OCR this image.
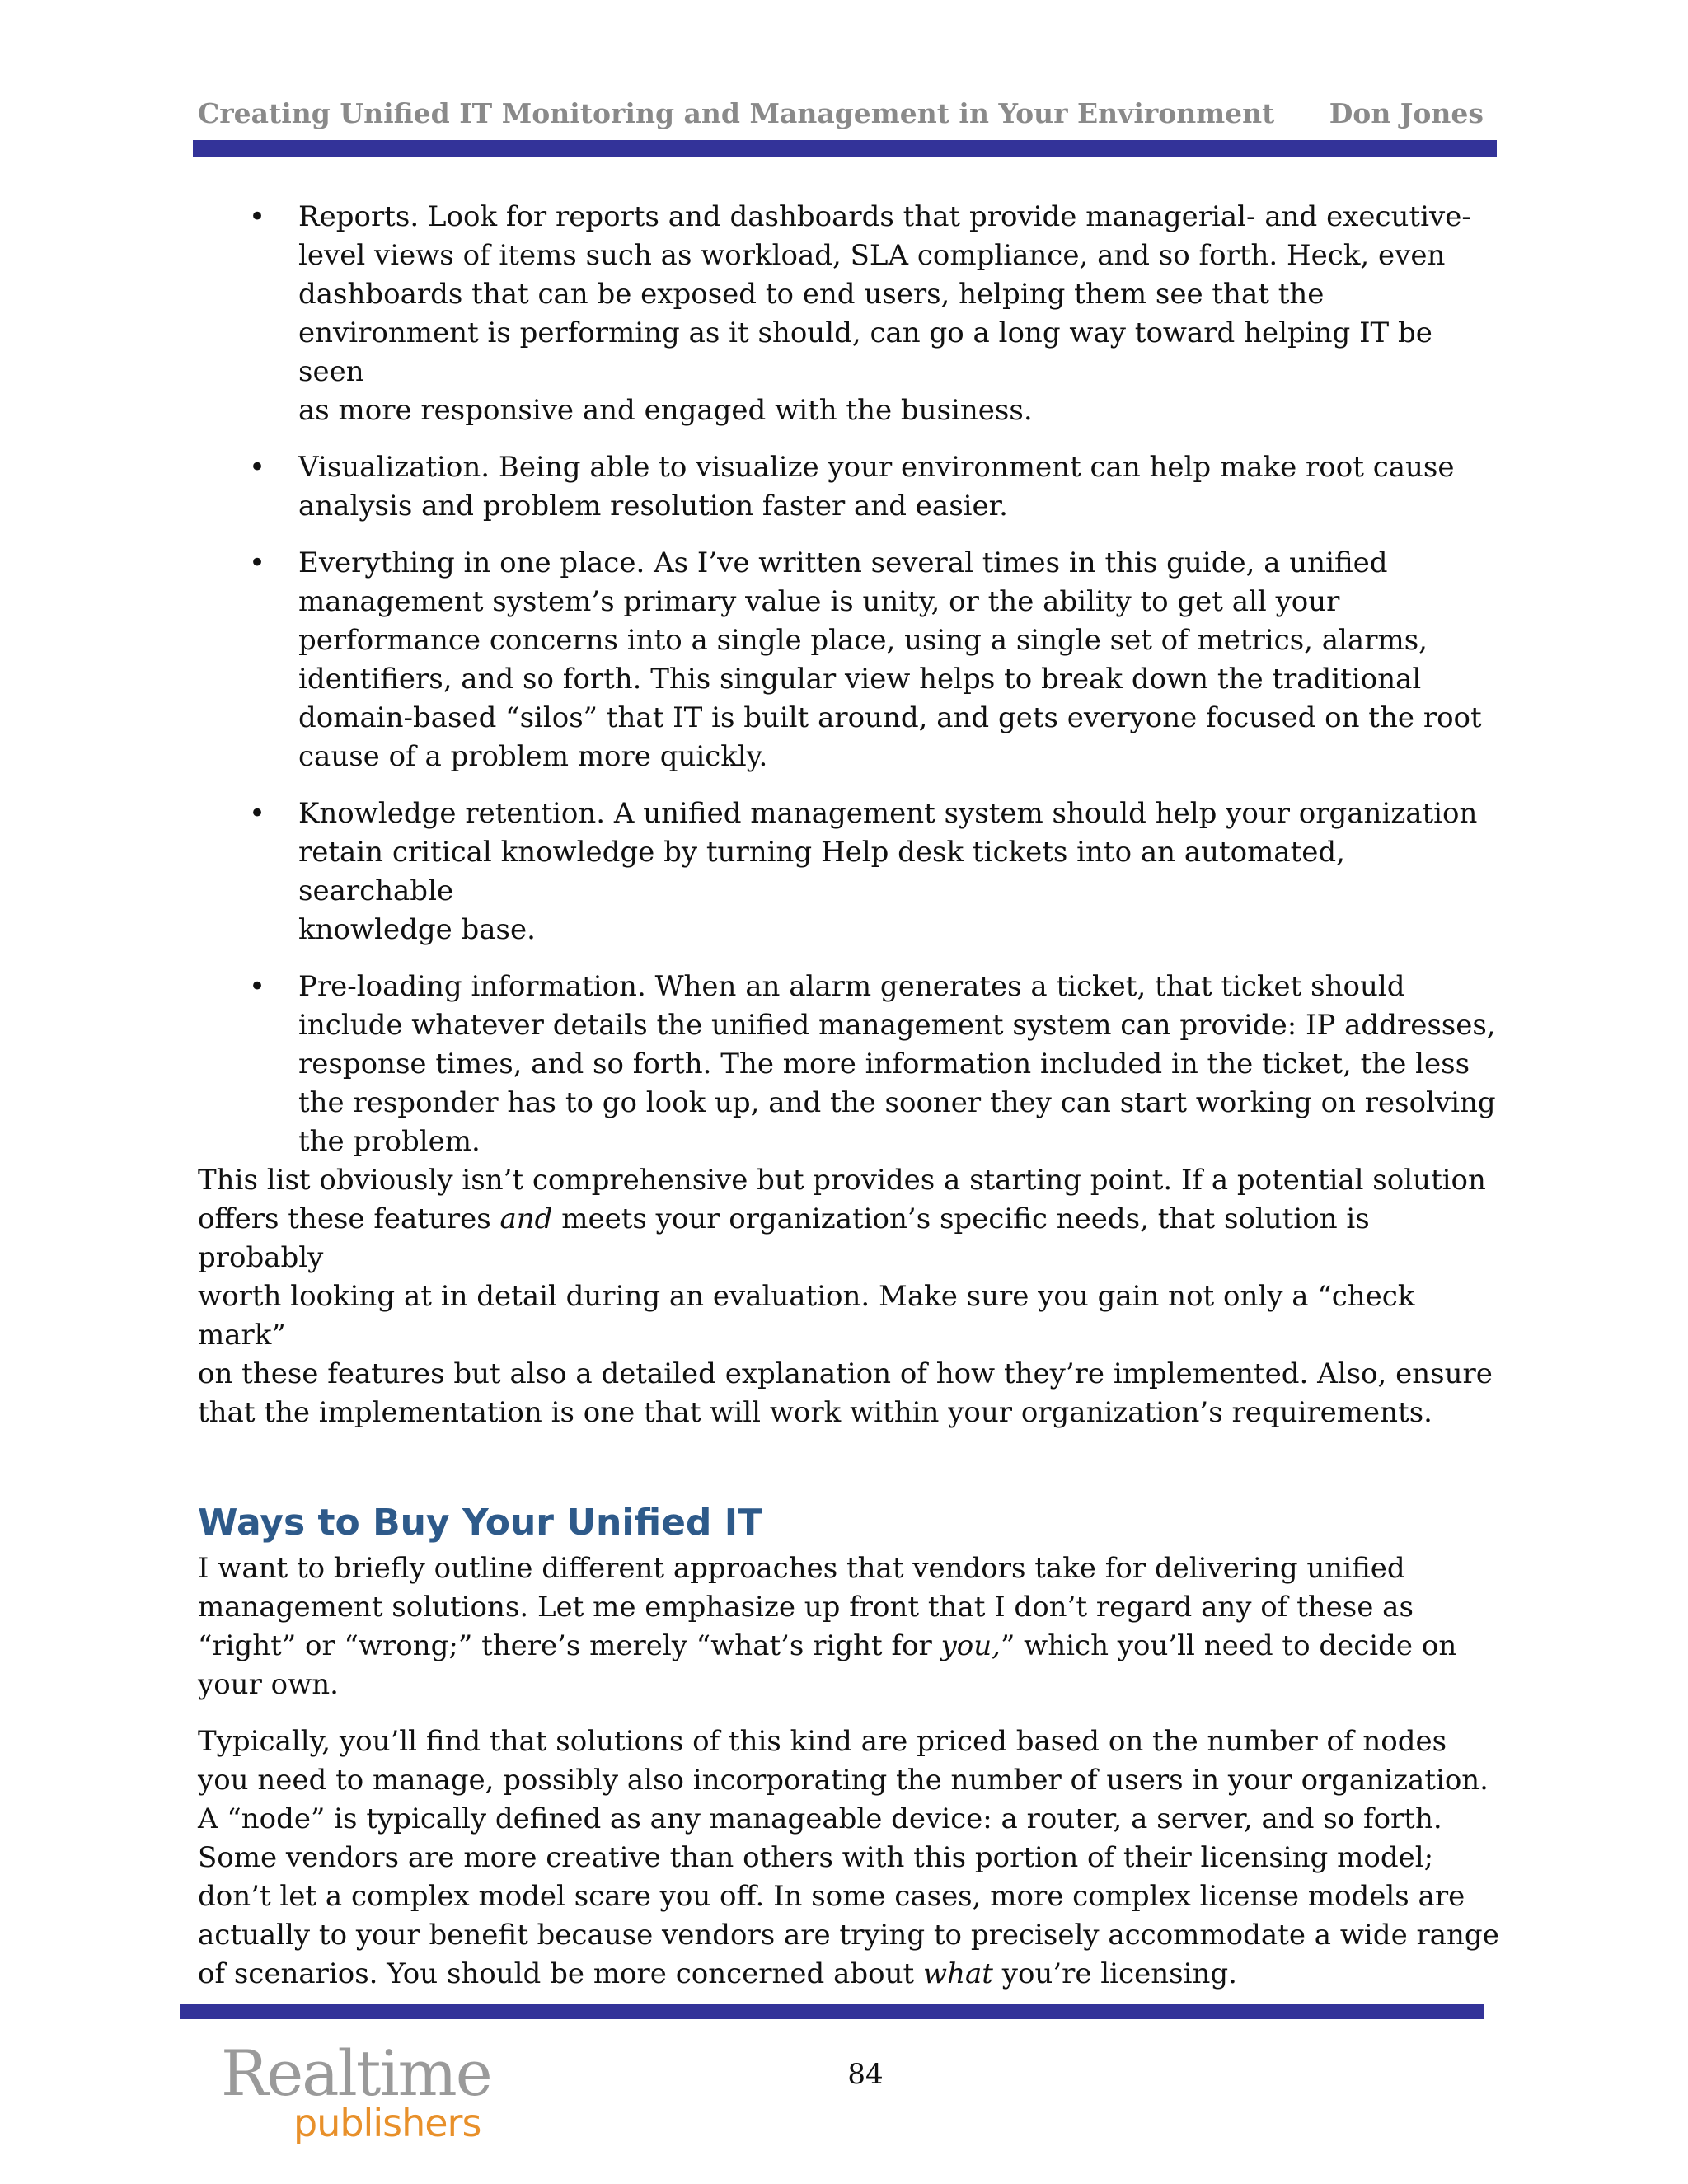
Creating Unified IT Monitoring and Management in Your Environment Don Jones
• Reports. Look for reports and dashboards that provide managerial- and executive-
level views of items such as workload, SLA compliance, and so forth. Heck, even
dashboards that can be exposed to end users, helping them see that the
environment is performing as it should, can go a long way toward helping IT be seen
as more responsive and engaged with the business.
• Visualization. Being able to visualize your environment can help make root cause
analysis and problem resolution faster and easier.
• Everything in one place. As I’ve written several times in this guide, a unified
management system’s primary value is unity, or the ability to get all your
performance concerns into a single place, using a single set of metrics, alarms,
identifiers, and so forth. This singular view helps to break down the traditional
domain-based “silos” that IT is built around, and gets everyone focused on the root
cause of a problem more quickly.
• Knowledge retention. A unified management system should help your organization
retain critical knowledge by turning Help desk tickets into an automated, searchable
knowledge base.
• Pre-loading information. When an alarm generates a ticket, that ticket should
include whatever details the unified management system can provide: IP addresses,
response times, and so forth. The more information included in the ticket, the less
the responder has to go look up, and the sooner they can start working on resolving
the problem.

This list obviously isn’t comprehensive but provides a starting point. If a potential solution
offers these features and meets your organization’s specific needs, that solution is probably
worth looking at in detail during an evaluation. Make sure you gain not only a “check mark”
on these features but also a detailed explanation of how they’re implemented. Also, ensure
that the implementation is one that will work within your organization’s requirements.

Ways to Buy Your Unified IT

I want to briefly outline different approaches that vendors take for delivering unified
management solutions. Let me emphasize up front that I don’t regard any of these as
“right” or “wrong;” there’s merely “what’s right for you,” which you’ll need to decide on
your own.

Typically, you’ll find that solutions of this kind are priced based on the number of nodes
you need to manage, possibly also incorporating the number of users in your organization.
A “node” is typically defined as any manageable device: a router, a server, and so forth.
Some vendors are more creative than others with this portion of their licensing model;
don’t let a complex model scare you off. In some cases, more complex license models are
actually to your benefit because vendors are trying to precisely accommodate a wide range
of scenarios. You should be more concerned about what you’re licensing.

Realtime
publishers
84
